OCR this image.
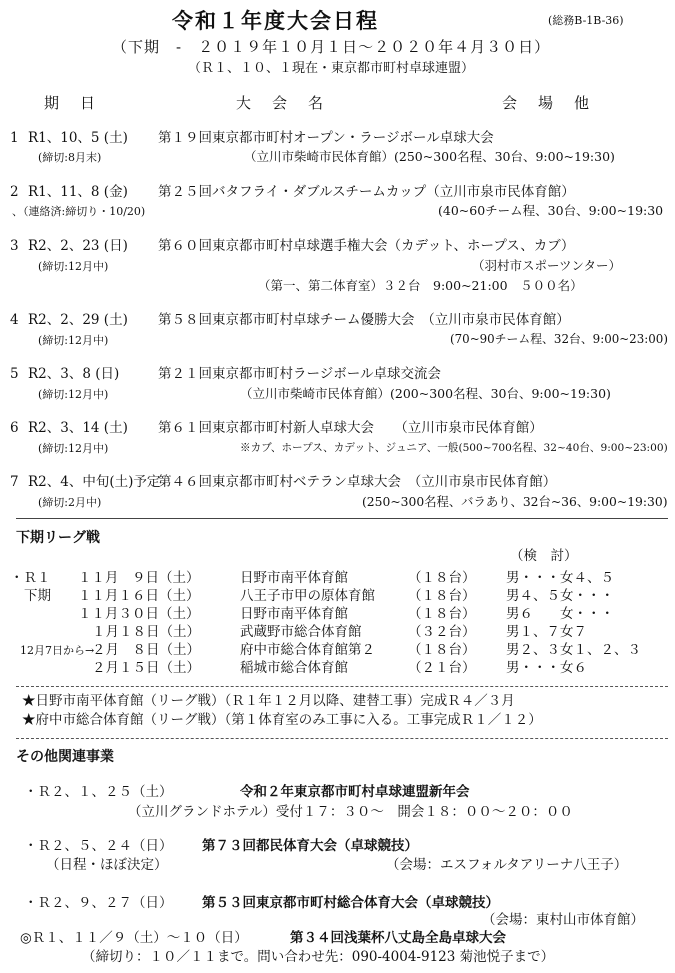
令和１年度大会日程	(総務B-1B-36)
（下期　-　２０１９年１０月１日～２０２０年４月３０日）
（Ｒ１、１０、１現在・東京都市町村卓球連盟）
期　日	大　会　名	会　場　他
1 R1、10、5 (土) 第１９回東京都市町村オープン・ラージボール卓球大会
(締切:8月末)	（立川市柴崎市民体育館）(250~300名程、30台、9:00~19:30)
2 R1、11、8 (金) 第２５回バタフライ・ダブルスチームカップ（立川市泉市民体育館）
、（連絡済:締切り・10/20)	(40~60チーム程、30台、9:00~19:30
3 R2、2、23 (日) 第６０回東京都市町村卓球選手権大会（カデット、ホープス、カブ）
(締切:12月中)	（羽村市スポーツンター）
（第一、第二体育室）３２台　9:00~21:00　５００名）
4 R2、2、29 (土) 第５８回東京都市町村卓球チーム優勝大会　（立川市泉市民体育館）
(締切:12月中)	(70~90チーム程、32台、9:00~23:00)
5 R2、3、8 (日)	第２１回東京都市町村ラージボール卓球交流会
(締切:12月中)	（立川市柴崎市民体育館）(200~300名程、30台、9:00~19:30)
6 R2、3、14 (土) 第６１回東京都市町村新人卓球大会　　（立川市泉市民体育館）
(締切:12月中)	※カブ、ホープス、カデット、ジュニア、一般(500~700名程、32~40台、9:00~23:00)
7 R2、4、中旬(土)予定
第４６回東京都市町村ベテラン卓球大会　（立川市泉市民体育館）
(締切:2月中)	(250~300名程、バラあり、32台~36、9:00~19:30)
下期リーグ戦
（検　討）
・Ｒ１
下期
12月7日から→
１１月　９日（土）	日野市南平体育館	（１８台） 男・・・女４、５
１１月１６日（土）	八王子市甲の原体育館 （１８台） 男４、５女・・・
１１月３０日（土）	日野市南平体育館	（１８台） 男６　　女・・・
１月１８日（土）	武蔵野市総合体育館	（３２台） 男１、７女７
２月　８日（土）	府中市総合体育館第２ （１８台） 男２、３女１、２、３
２月１５日（土）	稲城市総合体育館	（２１台） 男・・・女６
★日野市南平体育館（リーグ戦）（Ｒ１年１２月以降、建替工事）完成Ｒ４／３月
★府中市総合体育館（リーグ戦）（第１体育室のみ工事に入る。工事完成Ｒ１／１２）
その他関連事業
・Ｒ２、１、２５（土）	令和２年東京都市町村卓球連盟新年会
（立川グランドホテル）受付１７：３０～　開会１８：００～２０：００
・Ｒ２、５、２４（日） 第７３回都民体育大会（卓球競技）
（日程・ほぼ決定）	（会場：エスフォルタアリーナ八王子）
・Ｒ２、９、２７（日） 第５３回東京都市町村総合体育大会（卓球競技）
（会場：東村山市体育館）
◎Ｒ１、１１／９（土）～１０（日）	第３４回浅葉杯八丈島全島卓球大会
（締切り：１０／１１まで。問い合わせ先：090-4004-9123 菊池悦子まで）
